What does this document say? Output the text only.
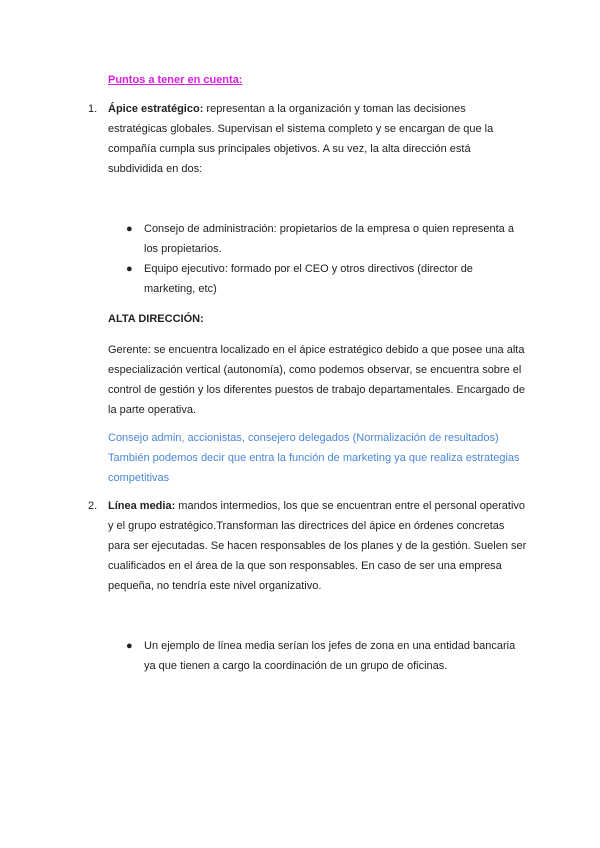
Puntos a tener en cuenta:
1. Ápice estratégico: representan a la organización y toman las decisiones estratégicas globales. Supervisan el sistema completo y se encargan de que la compañía cumpla sus principales objetivos. A su vez, la alta dirección está subdividida en dos:
● Consejo de administración: propietarios de la empresa o quien representa a los propietarios.
● Equipo ejecutivo: formado por el CEO y otros directivos (director de marketing, etc)
ALTA DIRECCIÓN:

Gerente: se encuentra localizado en el ápice estratégico debido a que posee una alta especialización vertical (autonomía), como podemos observar, se encuentra sobre el control de gestión y los diferentes puestos de trabajo departamentales. Encargado de la parte operativa.

Consejo admin, accionistas, consejero delegados (Normalización de resultados)

También podemos decir que entra la función de marketing ya que realiza estrategias competitivas

2. Línea media: mandos intermedios, los que se encuentran entre el personal operativo y el grupo estratégico.Transforman las directrices del ápice en órdenes concretas para ser ejecutadas. Se hacen responsables de los planes y de la gestión. Suelen ser cualificados en el área de la que son responsables. En caso de ser una empresa pequeña, no tendría este nivel organizativo.
● Un ejemplo de línea media serían los jefes de zona en una entidad bancaria ya que tienen a cargo la coordinación de un grupo de oficinas.
